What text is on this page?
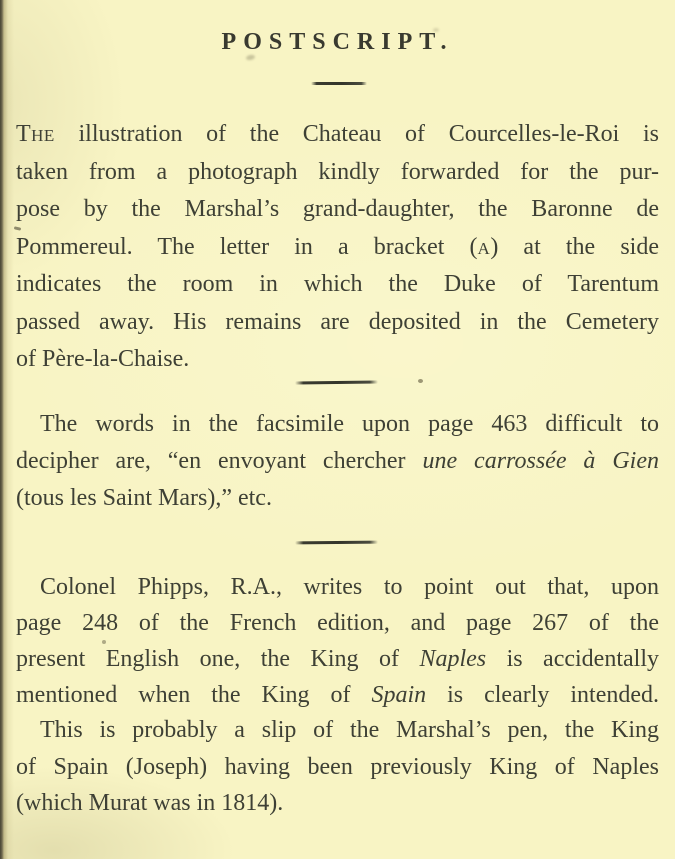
POSTSCRIPT.
The illustration of the Chateau of Courcelles-le-Roi is
taken from a photograph kindly forwarded for the pur-
pose by the Marshal’s grand-daughter, the Baronne de
Pommereul. The letter in a bracket (a) at the side
indicates the room in which the Duke of Tarentum
passed away. His remains are deposited in the Cemetery
of Père-la-Chaise.
The words in the facsimile upon page 463 difficult to
decipher are, “en envoyant chercher une carrossée à Gien
(tous les Saint Mars),” etc.
Colonel Phipps, R.A., writes to point out that, upon
page 248 of the French edition, and page 267 of the
present English one, the King of Naples is accidentally
mentioned when the King of Spain is clearly intended.
This is probably a slip of the Marshal’s pen, the King
of Spain (Joseph) having been previously King of Naples
(which Murat was in 1814).
